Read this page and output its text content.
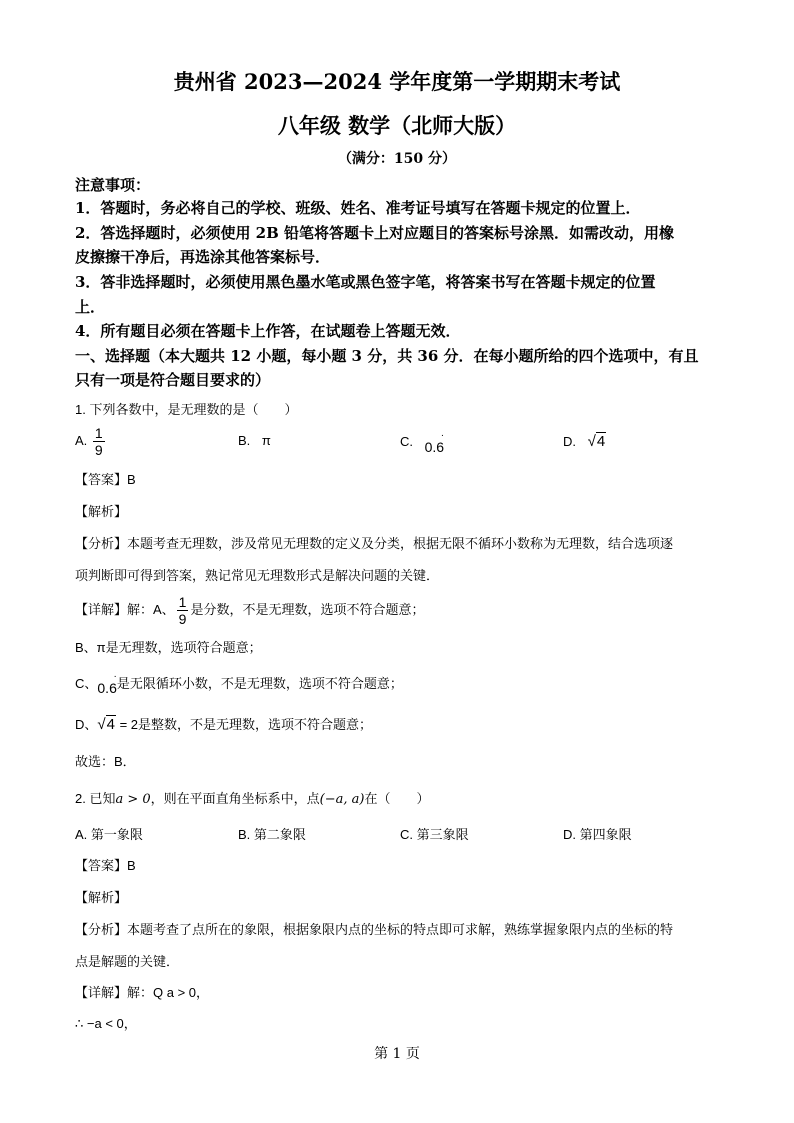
贵州省 2023—2024 学年度第一学期期末考试
八年级 数学（北师大版）
（满分：150 分）
注意事项：
1．答题时，务必将自己的学校、班级、姓名、准考证号填写在答题卡规定的位置上．
2．答选择题时，必须使用 2B 铅笔将答题卡上对应题目的答案标号涂黑．如需改动，用橡
皮擦擦干净后，再选涂其他答案标号．
3．答非选择题时，必须使用黑色墨水笔或黑色签字笔，将答案书写在答题卡规定的位置
上．
4．所有题目必须在答题卡上作答，在试题卷上答题无效．
一、选择题（本大题共 12 小题，每小题 3 分，共 36 分．在每小题所给的四个选项中，有且
只有一项是符合题目要求的）
1. 下列各数中，是无理数的是（　　）
A. $\frac{1}{9}$	B. π	C. 0.6
·	D. √4
【答案】B
【解析】
【分析】本题考查无理数，涉及常见无理数的定义及分类，根据无限不循环小数称为无理数，结合选项逐
项判断即可得到答案，熟记常见无理数形式是解决问题的关键．
【详解】解：A、 $\frac{1}{9}$ 是分数，不是无理数，选项不符合题意；
B、π是无理数，选项符合题意；
C、0.6
· 是无限循环小数，不是无理数，选项不符合题意；
D、√4 = 2是整数，不是无理数，选项不符合题意；
故选：B．
2. 已知a > 0，则在平面直角坐标系中，点(−a, a)在（　　）
A. 第一象限	B. 第二象限	C. 第三象限	D. 第四象限
【答案】B
【解析】
【分析】本题考查了点所在的象限，根据象限内点的坐标的特点即可求解，熟练掌握象限内点的坐标的特
点是解题的关键．
【详解】解：Q a > 0，
∴ −a < 0，
第 1 页
